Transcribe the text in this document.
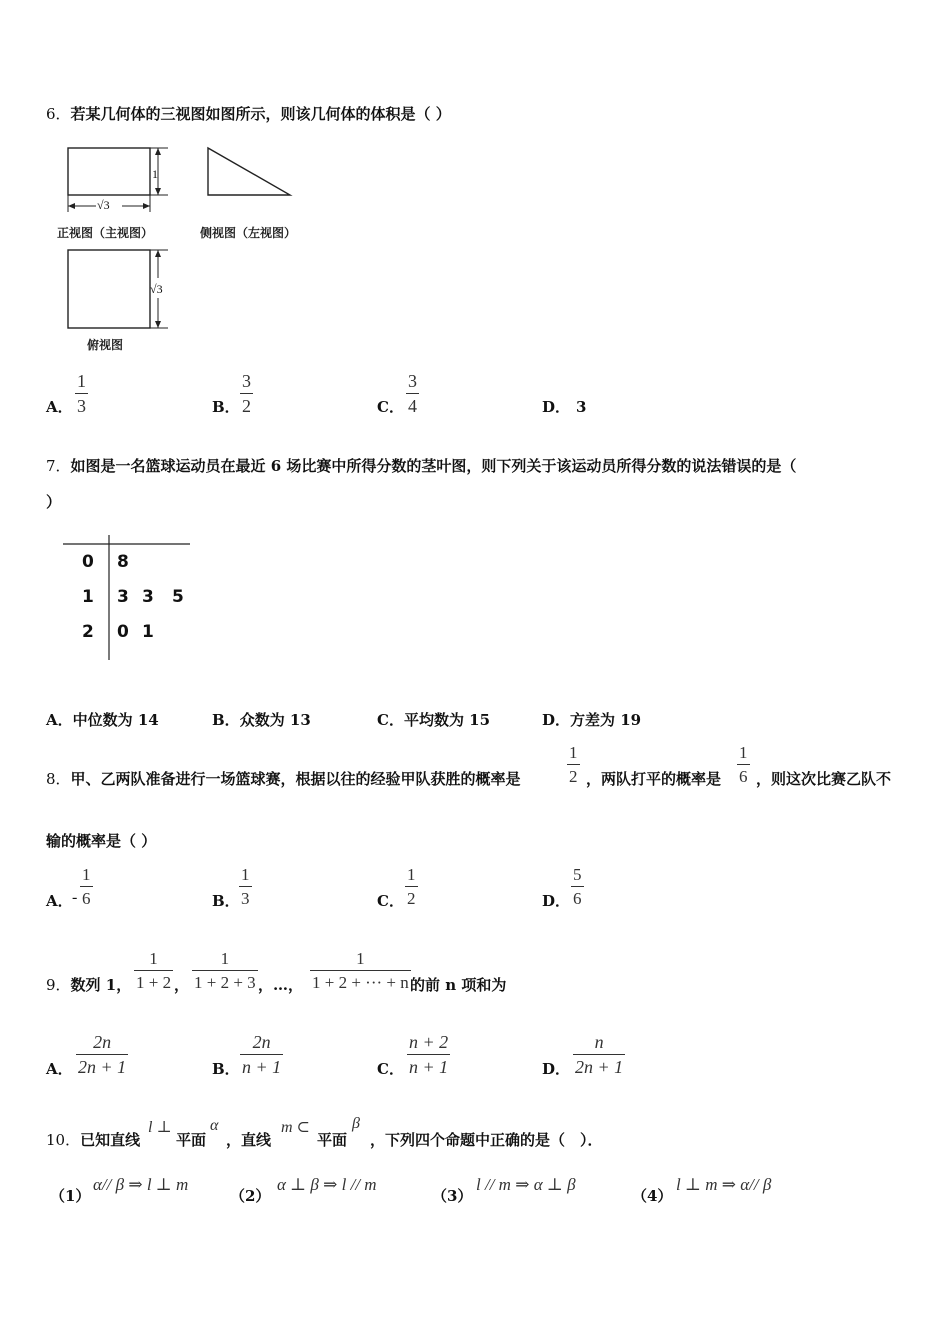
6．若某几何体的三视图如图所示，则该几何体的体积是（ ）
1
√3
√3
正视图（主视图）	侧视图（左视图）
俯视图
A． $\frac{1}{3}$	B． $\frac{3}{2}$	C． $\frac{3}{4}$	D． 3
7．如图是一名篮球运动员在最近 6 场比赛中所得分数的茎叶图，则下列关于该运动员所得分数的说法错误的是（
）
0 8
1 3 3 5
2 0 1
A．中位数为 14	B．众数为 13	C．平均数为 15	D．方差为 19
8．甲、乙两队准备进行一场篮球赛，根据以往的经验甲队获胜的概率是	$\frac{1}{2}$ ，两队打平的概率是 $\frac{1}{6}$ ，则这次比赛乙队不
输的概率是（ ）
A． - $\frac{1}{6}$	B． $\frac{1}{3}$	C． $\frac{1}{2}$	D． $\frac{5}{6}$
9．数列 1， $\frac{1}{1 + 2}$ ， $\frac{1}{1 + 2 + 3}$ ，…， $\frac{1}{1 + 2 + \cdot\cdot\cdot + n}$ 的前 n 项和为
A． $\frac{2n}{2n + 1}$	B． $\frac{2n}{n + 1}$	C． $\frac{n + 2}{n + 1}$	D． $\frac{n}{2n + 1}$
10．已知直线
l ⊥
平面
α
，直线
m ⊂
平面
β
，下列四个命题中正确的是（　）．
（1）
α// β ⇒ l ⊥ m
（2）
α ⊥ β ⇒ l // m
（3）
l // m ⇒ α ⊥ β
（4）
l ⊥ m ⇒ α// β
